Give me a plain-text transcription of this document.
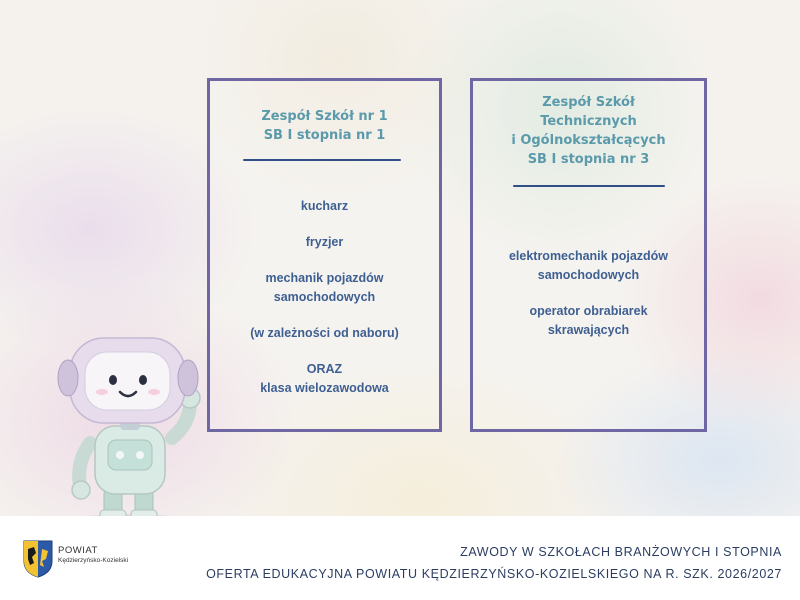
Zespół Szkół nr 1
SB I stopnia nr 1
kucharz
fryzjer
mechanik pojazdów
samochodowych
(w zależności od naboru)
ORAZ
klasa wielozawodowa
Zespół Szkół
Technicznych
i Ogólnokształcących
SB I stopnia nr 3
elektromechanik pojazdów
samochodowych
operator obrabiarek
skrawających
POWIAT
Kędzierzyńsko-Kozielski
ZAWODY W SZKOŁACH BRANŻOWYCH I STOPNIA
OFERTA EDUKACYJNA POWIATU KĘDZIERZYŃSKO-KOZIELSKIEGO NA R. SZK. 2026/2027
